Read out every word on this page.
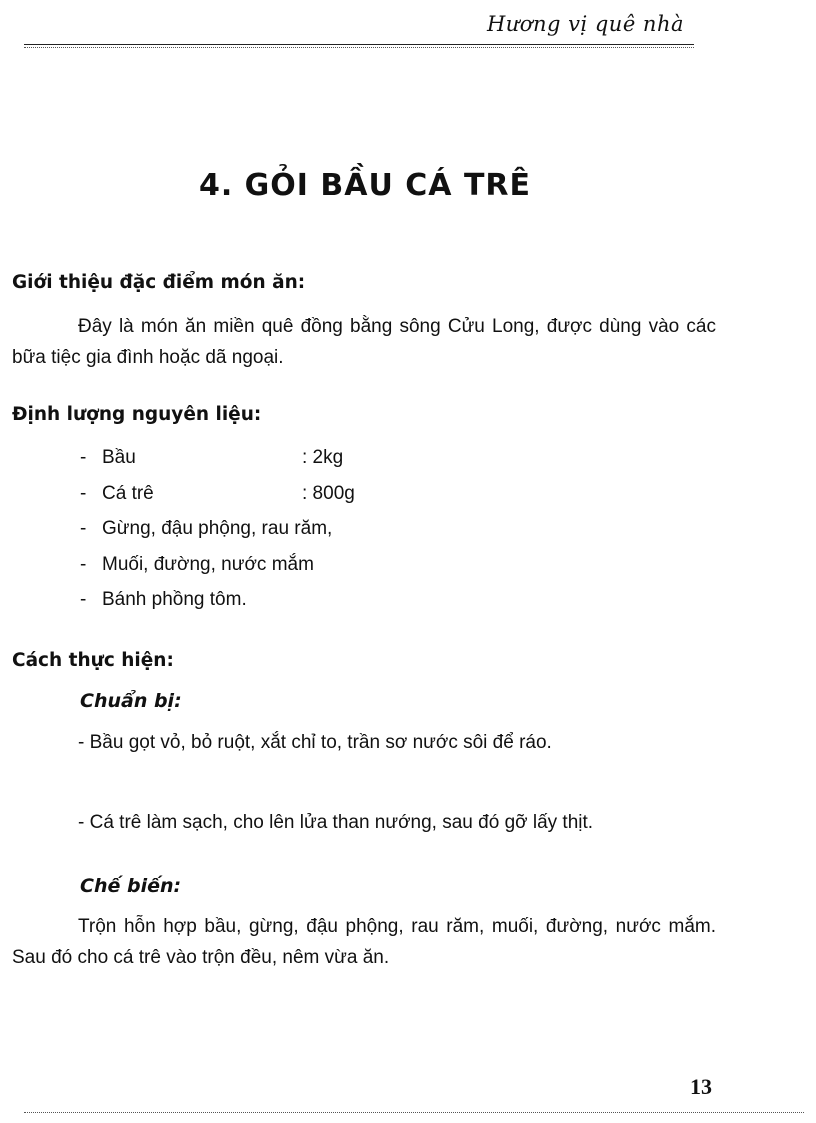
Hương vị quê nhà
4. GỎI BẦU CÁ TRÊ
Giới thiệu đặc điểm món ăn:

Đây là món ăn miền quê đồng bằng sông Cửu Long, được dùng vào các bữa tiệc gia đình hoặc dã ngoại.

Định lượng nguyên liệu:
- Bầu	: 2kg
- Cá trê	: 800g
- Gừng, đậu phộng, rau răm,
- Muối, đường, nước mắm
- Bánh phồng tôm.
Cách thực hiện:
Chuẩn bị:

- Bầu gọt vỏ, bỏ ruột, xắt chỉ to, trần sơ nước sôi để ráo.

- Cá trê làm sạch, cho lên lửa than nướng, sau đó gỡ lấy thịt.

Chế biến:

Trộn hỗn hợp bầu, gừng, đậu phộng, rau răm, muối, đường, nước mắm. Sau đó cho cá trê vào trộn đều, nêm vừa ăn.

13
